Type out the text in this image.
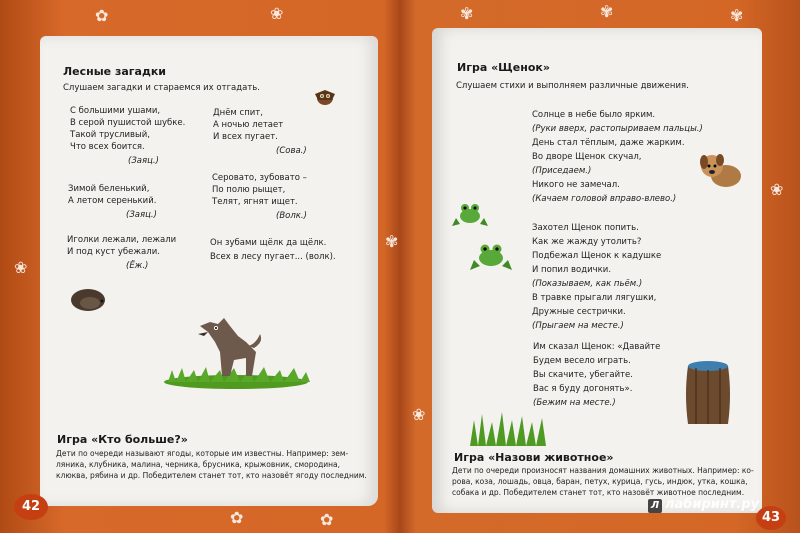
✿	❀	✾	✾	✾
❀
✾
❀
❀
✿	✿
Лесные загадки
Слушаем загадки и стараемся их отгадать.
С большими ушами,
В серой пушистой шубке.
Такой трусливый,
Что всех боится.
(Заяц.)
Зимой беленький,
А летом серенький.
(Заяц.)
Иголки лежали, лежали
И под куст убежали.
(Ёж.)
Днём спит,
А ночью летает
И всех пугает.
(Сова.)
Серовато, зубовато –
По полю рыщет,
Телят, ягнят ищет.
(Волк.)
Он зубами щёлк да щёлк.
Всех в лесу пугает... (волк).
Игра «Кто больше?»
Дети по очереди называют ягоды, которые им известны. Например: зем-
ляника, клубника, малина, черника, брусника, крыжовник, смородина,
клюква, рябина и др. Победителем станет тот, кто назовёт ягоду последним.
42
Игра «Щенок»
Слушаем стихи и выполняем различные движения.
Солнце в небе было ярким.
(Руки вверх, растопыриваем пальцы.)
День стал тёплым, даже жарким.
Во дворе Щенок скучал,
(Приседаем.)
Никого не замечал.
(Качаем головой вправо-влево.)
Захотел Щенок попить.
Как же жажду утолить?
Подбежал Щенок к кадушке
И попил водички.
(Показываем, как пьём.)
В травке прыгали лягушки,
Дружные сестрички.
(Прыгаем на месте.)
Им сказал Щенок: «Давайте
Будем весело играть.
Вы скачите, убегайте.
Вас я буду догонять».
(Бежим на месте.)
Игра «Назови животное»
Дети по очереди произносят названия домашних животных. Например: ко-
рова, коза, лошадь, овца, баран, петух, курица, гусь, индюк, утка, кошка,
собака и др. Победителем станет тот, кто назовёт животное последним.
43
Л лабиринт.ру
